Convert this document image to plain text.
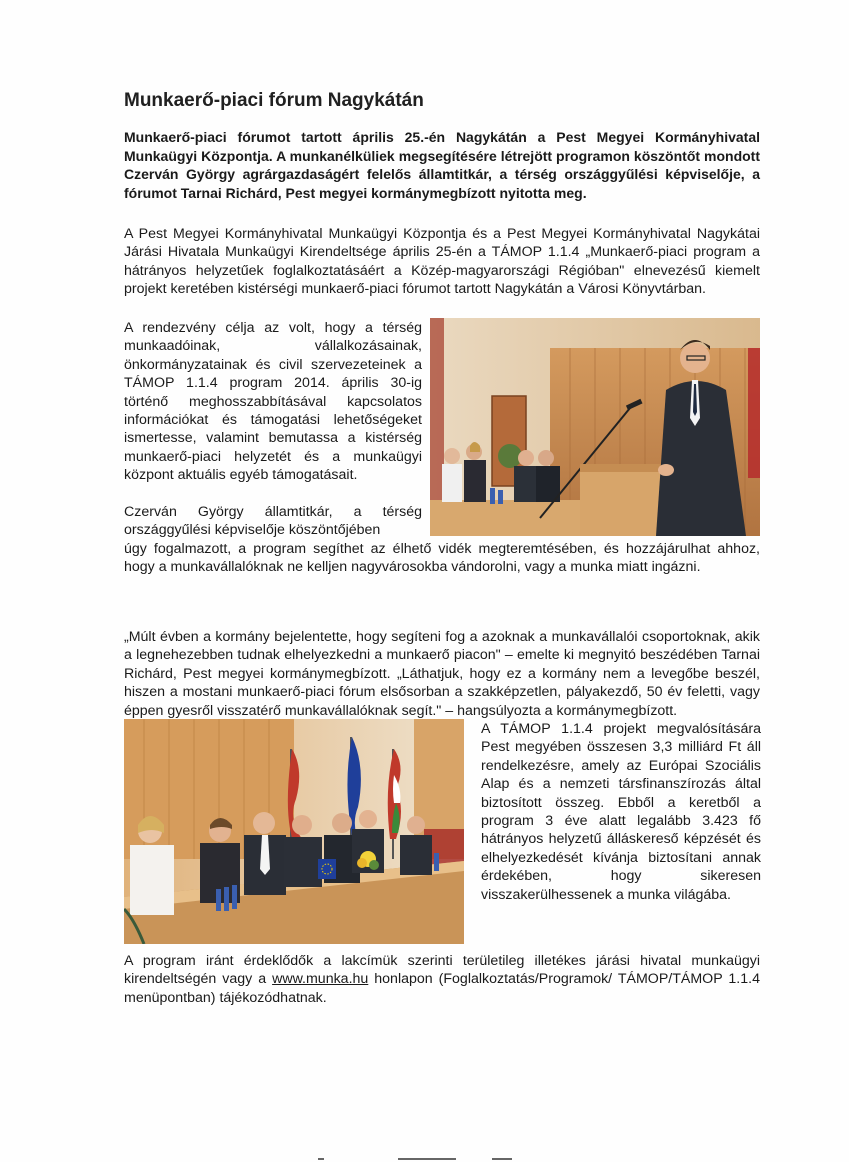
Munkaerő-piaci fórum Nagykátán

Munkaerő-piaci fórumot tartott április 25.-én Nagykátán a Pest Megyei Kormányhivatal Munkaügyi Központja. A munkanélküliek megsegítésére létrejött programon köszöntőt mondott Czerván György agrárgazdaságért felelős államtitkár, a térség országgyűlési képviselője, a fórumot Tarnai Richárd, Pest megyei kormánymegbízott nyitotta meg.

A Pest Megyei Kormányhivatal Munkaügyi Központja és a Pest Megyei Kormányhivatal Nagykátai Járási Hivatala Munkaügyi Kirendeltsége április 25-én a TÁMOP 1.1.4 „Munkaerő-piaci program a hátrányos helyzetűek foglalkoztatásáért a Közép-magyarországi Régióban" elnevezésű kiemelt projekt keretében kistérségi munkaerő-piaci fórumot tartott Nagykátán a Városi Könyvtárban.

A rendezvény célja az volt, hogy a térség munkaadóinak, vállalkozásainak, önkormányzatainak és civil szervezeteinek a TÁMOP 1.1.4 program 2014. április 30-ig történő meghosszabbításával kapcsolatos információkat és támogatási lehetőségeket ismertesse, valamint bemutassa a kistérség munkaerő-piaci helyzetét és a munkaügyi központ aktuális egyéb támogatásait.

Czerván György államtitkár, a térség országgyűlési képviselője köszöntőjében

úgy fogalmazott, a program segíthet az élhető vidék megteremtésében, és hozzájárulhat ahhoz, hogy a munkavállalóknak ne kelljen nagyvárosokba vándorolni, vagy a munka miatt ingázni.

„Múlt évben a kormány bejelentette, hogy segíteni fog a azoknak a munkavállalói csoportoknak, akik a legnehezebben tudnak elhelyezkedni a munkaerő piacon" – emelte ki megnyitó beszédében Tarnai Richárd, Pest megyei kormánymegbízott. „Láthatjuk, hogy ez a kormány nem a levegőbe beszél, hiszen a mostani munkaerő-piaci fórum elsősorban a szakképzetlen, pályakezdő, 50 év feletti, vagy éppen gyesről visszatérő munkavállalóknak segít." – hangsúlyozta a kormánymegbízott.

A TÁMOP 1.1.4 projekt megvalósítására Pest megyében összesen 3,3 milliárd Ft áll rendelkezésre, amely az Európai Szociális Alap és a nemzeti társfinanszírozás által biztosított összeg. Ebből a keretből a program 3 éve alatt legalább 3.423 fő hátrányos helyzetű álláskereső képzését és elhelyezkedését kívánja biztosítani annak érdekében, hogy sikeresen visszakerülhessenek a munka világába.

A program iránt érdeklődők a lakcímük szerinti területileg illetékes járási hivatal munkaügyi kirendeltségén vagy a www.munka.hu honlapon (Foglalkoztatás/Programok/ TÁMOP/TÁMOP 1.1.4 menüpontban) tájékozódhatnak.
